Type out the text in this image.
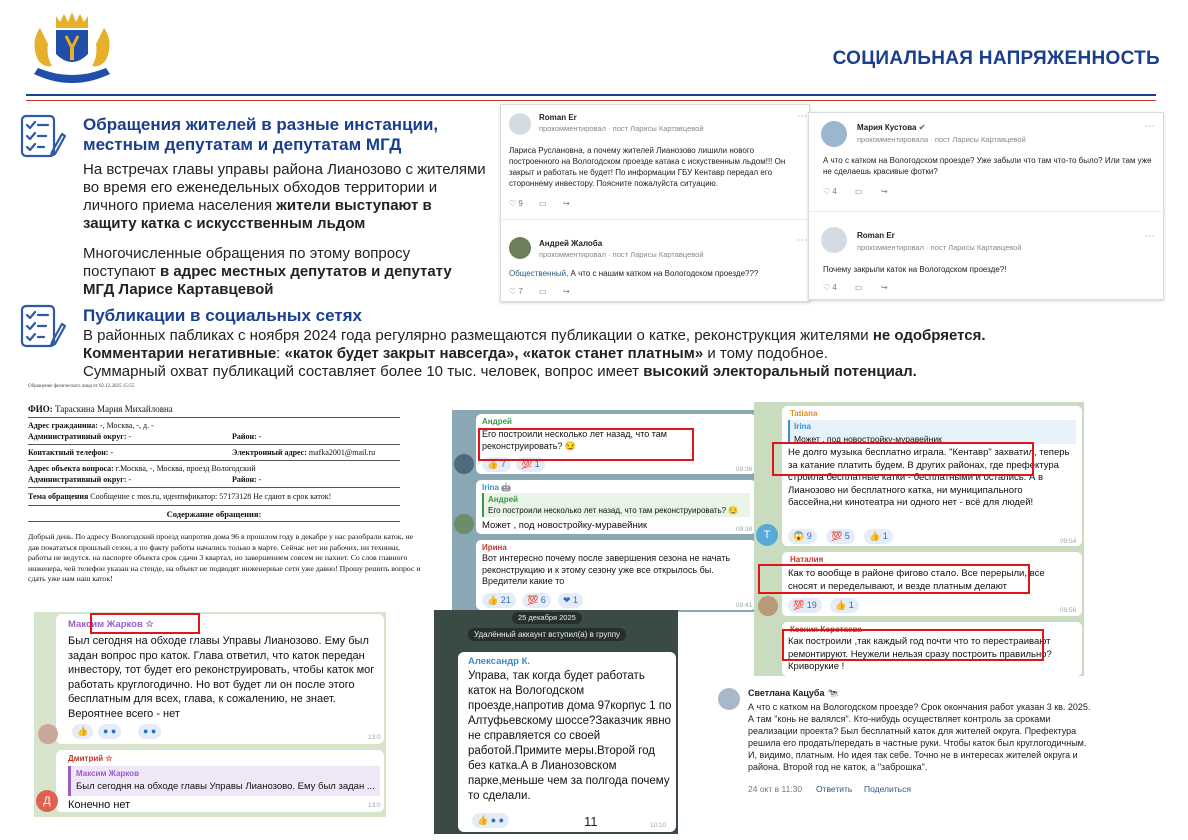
СОЦИАЛЬНАЯ НАПРЯЖЕННОСТЬ
Обращения жителей в разные инстанции, местным депутатам и депутатам МГД
На встречах главы управы района Лианозово с жителями во время его еженедельных обходов территории и личного приема населения жители выступают в защиту катка с искусственным льдом
Многочисленные обращения по этому вопросу поступают в адрес местных депутатов и депутату МГД Ларисе Картавцевой
Публикации в социальных сетях
В районных пабликах с ноября 2024 года регулярно размещаются публикации о катке, реконструкция жителями не одобряется.
Комментарии негативные: «каток будет закрыт навсегда», «каток станет платным» и тому подобное.
Суммарный охват публикаций составляет более 10 тыс. человек, вопрос имеет высокий электоральный потенциал.
Roman Er
прокомментировал · пост Ларисы Картавцевой
⋯
Лариса Руслановна, а почему жителей Лианозово лишили нового построенного на Вологодском проезде катака с искуственным льдом!!! Он закрыт и работать не будет! По информации ГБУ Кентавр передал его стороннему инвестору. Поясните пожалуйста ситуацию.
♡ 9 ▭ ↪
Андрей Жалоба
прокомментировал · пост Ларисы Картавцевой
⋯
Общественный, А что с нашим катком на Вологодском проезде???
♡ 7 ▭ ↪
Мария Кустова ✔
прокомментировала · пост Ларисы Картавцевой
⋯
А что с катком на Вологодском проезде? Уже забыли что там что-то было? Или там уже не сделаешь красивые фотки?
♡ 4 ▭ ↪
Roman Er
прокомментировал · пост Ларисы Картавцевой
⋯
Почему закрыли каток на Вологодском проезде?!
♡ 4 ▭ ↪
Обращение физического лица от 02.12.2025 15:55
ФИО: Тараскина Мария Михайловна
Адрес гражданина: -, Москва, -, д. -
Административный округ: -	Район: -
Контактный телефон: -	Электронный адрес: mafka2001@mail.ru
Адрес объекта вопроса: г.Москва, -, Москва, проезд Вологодский
Административный округ: -	Район: -
Тема обращения Сообщение с mos.ru, идентификатор: 57173128 Не сдают в срок каток!
Содержание обращения:
Добрый день. По адресу Вологодский проезд напротив дома 96 в прошлом году в декабре у нас разобрали каток, не дав покататься прошлый сезон, а по факту работы начались только в марте. Сейчас нет ни рабочих, ни техники, работы не ведутся. на паспорте объекта срок сдачи 3 квартал, но завершением совсем не пахнет. Со слов главного инженера, чей телефон указан на стенде, на объект не подводят инженерные сети уже давно! Прошу решить вопрос и сдать уже нам наш каток!
Максим Жарков ☆
Был сегодня на обходе главы Управы Лианозово. Ему был задан вопрос про каток. Глава ответил, что каток передан инвестору, тот будет его реконструировать, чтобы каток мог работать круглогодично. Но вот будет ли он после этого бесплатным для всех, глава, к сожалению, не знает. Вероятнее всего - нет
👍	● ●	● ●
13:0
Дмитрий ☆
Максим Жарков
Был сегодня на обходе главы Управы Лианозово. Ему был задан ...
Конечно нет	13:0
Д
Андрей
Его построили несколько лет назад, что там реконструировать? 😏
👍 7	💯 1
09:36
Irina 🤖
Андрей
Его построили несколько лет назад, что там реконструировать? 😏
Может , под новостройку-муравейник	09:38
Ирина
Вот интересно почему после завершения сезона не начать реконструкцию и к этому сезону уже все открылось бы. Вредители какие то
👍 21	💯 6	❤ 1
09:41
Tatiana
Irina
Может , под новостройку-муравейник
Не долго музыка бесплатно играла. "Кентавр" захватил, теперь за катание платить будем. В других районах, где префектура строила бесплатные катки - бесплатными и остались. А в Лианозово ни бесплатного катка, ни муниципального бассейна,ни кинотеатра ни одного нет - всё для людей!
😱 9	💯 5	👍 1
09:54
Т
Наталия
Как то вообще в районе фигово стало. Все перерыли, все сносят и переделывают, и везде платным делают
💯 19	👍 1
09:56
Ксения Коротаева
Как построили ,так каждый год почти что то перестраивают ремонтируют. Неужели нельзя сразу построить правильно? Криворукие !
25 декабря 2025
Удалённый аккаунт вступил(а) в группу
Александр К.
Управа, так когда будет работать каток на Вологодском проезде,напротив дома 97корпус 1 по Алтуфьевскому шоссе?Заказчик явно не справляется со своей работой.Примите меры.Второй год без катка.А в Лианозовском парке,меньше чем за полгода почему то сделали.
👍 ● ●	11	10:10
Светлана Кацуба 🐄
А что с катком на Вологодском проезде? Срок окончания работ указан 3 кв. 2025. А там "конь не валялся". Кто-нибудь осуществляет контроль за сроками реализации проекта? Был бесплатный каток для жителей округа. Префектура решила его продать/передать в частные руки. Чтобы каток был круглогодичным. И, видимо, платным. Но идея так себе. Точно не в интересах жителей округа и района. Второй год не каток, а "заброшка".
24 окт в 11:30 Ответить Поделиться
